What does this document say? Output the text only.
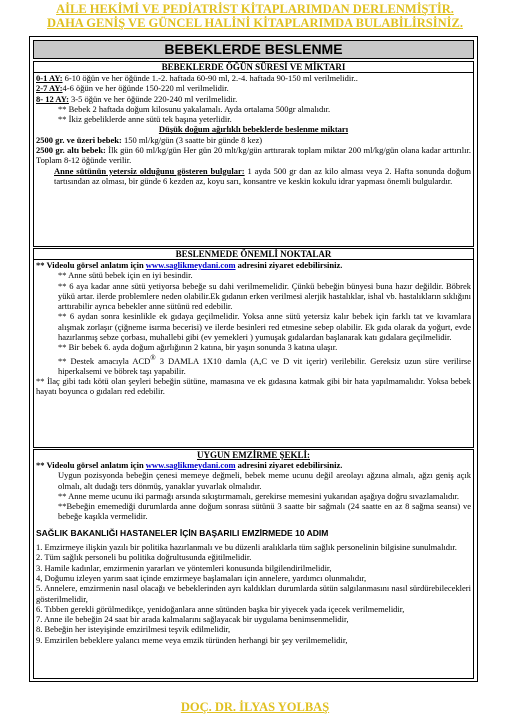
AİLE HEKİMİ VE PEDİATRİST KİTAPLARIMDAN DERLENMİŞTİR.
DAHA GENİŞ VE GÜNCEL HALİNİ KİTAPLARIMDA BULABİLİRSİNİZ.
BEBEKLERDE BESLENME
BEBEKLERDE ÖĞÜN SÜRESİ VE MİKTARI

0-1 AY: 6-10 öğün ve her öğünde 1.-2. haftada 60-90 ml, 2.-4. haftada 90-150 ml verilmelidir..

2-7 AY:4-6 öğün ve her öğünde 150-220 ml verilmelidir.

8- 12 AY: 3-5 öğün ve her öğünde 220-240 ml verilmelidir.

** Bebek 2 haftada doğum kilosunu yakalamalı. Ayda ortalama 500gr almalıdır.

** İkiz gebeliklerde anne sütü tek başına yeterlidir.

Düşük doğum ağırlıklı bebeklerde beslenme miktarı

2500 gr. ve üzeri bebek: 150 ml/kg/gün (3 saatte bir günde 8 kez)

2500 gr. altı bebek: İlk gün 60 ml/kg/gün Her gün 20 mlt/kg/gün arttırarak toplam miktar 200 ml/kg/gün olana kadar arttırılır. Toplam 8-12 öğünde verilir.

Anne sütünün yetersiz olduğunu gösteren bulgular: 1 ayda 500 gr dan az kilo alması veya 2. Hafta sonunda doğum tartısından az olması, bir günde 6 kezden az, koyu sarı, konsantre ve keskin kokulu idrar yapması önemli bulgulardır.

BESLENMEDE ÖNEMLİ NOKTALAR

** Videolu görsel anlatım için www.saglikmeydani.com adresini ziyaret edebilirsiniz.

** Anne sütü bebek için en iyi besindir.

** 6 aya kadar anne sütü yetiyorsa bebeğe su dahi verilmemelidir. Çünkü bebeğin bünyesi buna hazır değildir. Böbrek yükü artar. ilerde problemlere neden olabilir.Ek gıdanın erken verilmesi alerjik hastalıklar, ishal vb. hastalıkların sıklığını arttırabilir ayrıca bebekler anne sütünü red edebilir.

** 6 aydan sonra kesinlikle ek gıdaya geçilmelidir. Yoksa anne sütü yetersiz kalır bebek için farklı tat ve kıvamlara alışmak zorlaşır (çiğneme isırma becerisi) ve ilerde besinleri red etmesine sebep olabilir. Ek gıda olarak da yoğurt, evde hazırlanmış sebze çorbası, muhallebi gibi (ev yemekleri ) yumuşak gıdalardan başlanarak katı gıdalara geçilmelidir.

** Bir bebek 6. ayda doğum ağırlığının 2 katına, bir yaşın sonunda 3 katına ulaşır.

** Destek amacıyla ACD® 3 DAMLA 1X10 damla (A,C ve D vit içerir) verilebilir. Gereksiz uzun süre verilirse hiperkalsemi ve böbrek taşı yapabilir.

** İlaç gibi tadı kötü olan şeyleri bebeğin sütüne, mamasına ve ek gıdasına katmak gibi bir hata yapılmamalıdır. Yoksa bebek hayatı boyunca o gıdaları red edebilir.

UYGUN EMZİRME ŞEKLİ:

** Videolu görsel anlatım için www.saglikmeydani.com adresini ziyaret edebilirsiniz.

Uygun pozisyonda bebeğin çenesi memeye değmeli, bebek meme ucunu değil areolayı ağzına almalı, ağzı geniş açık olmalı, alt dudağı ters dönmüş, yanaklar yuvarlak olmalıdır.

** Anne meme ucunu iki parmağı arsında sıkıştırmamalı, gerekirse memesini yukarıdan aşağıya doğru sıvazlamalıdır.

**Bebeğin ememediği durumlarda anne doğum sonrası sütünü 3 saatte bir sağmalı (24 saatte en az 8 sağma seansı) ve bebeğe kaşıkla vermelidir.

SAĞLIK BAKANLIĞI HASTANELER İÇİN BAŞARILI EMZİRMEDE 10 ADIM

1. Emzirmeye ilişkin yazılı bir politika hazırlanmalı ve bu düzenli aralıklarla tüm sağlık personelinin bilgisine sunulmalıdır.

2. Tüm sağlık personeli bu politika doğrultusunda eğitilmelidir.

3. Hamile kadınlar, emzirmenin yararları ve yöntemleri konusunda bilgilendirilmelidir,

4, Doğumu izleyen yarım saat içinde emzirmeye başlamaları için annelere, yardımcı olunmalıdır,

5. Annelere, emzirmenin nasıl olacağı ve bebeklerinden ayrı kaldıkları durumlarda sütün salgılanmasını nasıl sürdürebilecekleri gösterilmelidir,

6. Tıbben gerekli görülmedikçe, yenidoğanlara anne sütünden başka bir yiyecek yada içecek verilmemelidir,

7. Anne ile bebeğin 24 saat bir arada kalmalarını sağlayacak bir uygulama benimsenmelidir,

8. Bebeğin her isteyişinde emzirilmesi teşvik edilmelidir,

9. Emzirilen bebeklere yalancı meme veya emzik türünden herhangi bir şey verilmemelidir,

DOÇ. DR. İLYAS YOLBAŞ
